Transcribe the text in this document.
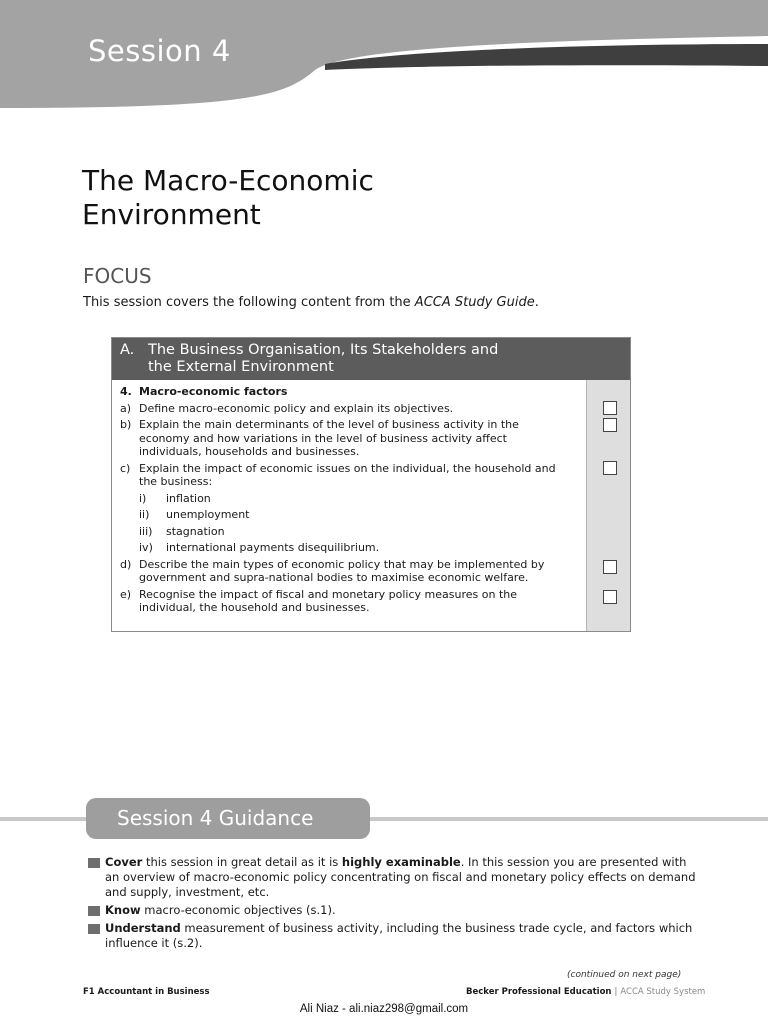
Session 4
The Macro-Economic
Environment
FOCUS

This session covers the following content from the ACCA Study Guide.

A. The Business Organisation, Its Stakeholders and
the External Environment
4. Macro-economic factors
a) Define macro-economic policy and explain its objectives.
b) Explain the main determinants of the level of business activity in the
economy and how variations in the level of business activity affect
individuals, households and businesses.
c) Explain the impact of economic issues on the individual, the household and
the business:
i)	inflation
ii)	unemployment
iii)	stagnation
iv)	international payments disequilibrium.
d) Describe the main types of economic policy that may be implemented by
government and supra-national bodies to maximise economic welfare.
e) Recognise the impact of fiscal and monetary policy measures on the
individual, the household and businesses.
Session 4 Guidance
Cover this session in great detail as it is highly examinable. In this session you are presented with
an overview of macro-economic policy concentrating on fiscal and monetary policy effects on demand
and supply, investment, etc.
Know macro-economic objectives (s.1).
Understand measurement of business activity, including the business trade cycle, and factors which
influence it (s.2).
(continued on next page)
F1 Accountant in Business	Becker Professional Education | ACCA Study System
Ali Niaz - ali.niaz298@gmail.com
